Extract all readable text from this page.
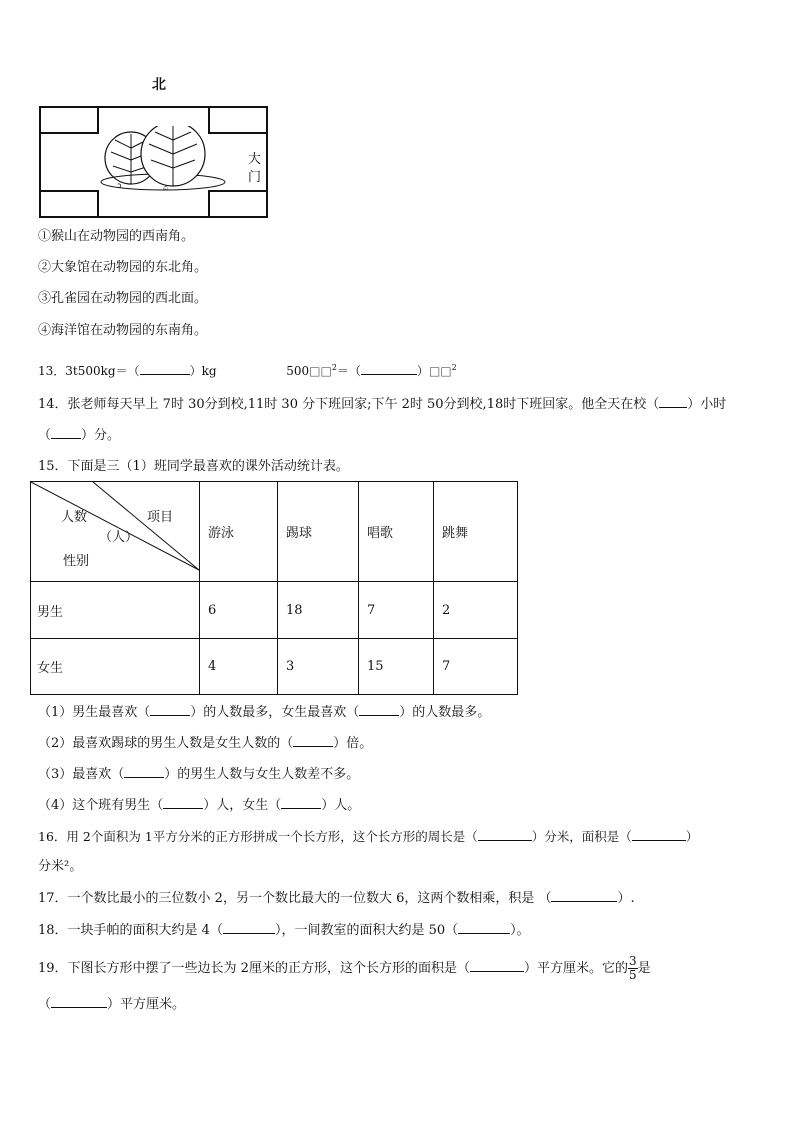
北
ɔ	ಎ
大
门
①猴山在动物园的西南角。
②大象馆在动物园的东北角。
③孔雀园在动物园的西北面。
④海洋馆在动物园的东南角。
13．3t500kg＝（	）kg	500□□$^2$＝（	）□□$^2$
14．张老师每天早上 7时 30分到校,11时 30 分下班回家;下午 2时 50分到校,18时下班回家。他全天在校（ ）小时
（ ）分。
15．下面是三（1）班同学最喜欢的课外活动统计表。
人数 项目
（人）
性别	游泳	踢球	唱歌	跳舞
男生	6	18	7	2
女生	4	3	15	7
（1）男生最喜欢（	）的人数最多，女生最喜欢（	）的人数最多。
（2）最喜欢踢球的男生人数是女生人数的（	）倍。
（3）最喜欢（	）的男生人数与女生人数差不多。
（4）这个班有男生（	）人，女生（	）人。
16．用 2个面积为 1平方分米的正方形拼成一个长方形，这个长方形的周长是（	）分米，面积是（	）
分米²。
17．一个数比最小的三位数小 2，另一个数比最大的一位数大 6，这两个数相乘，积是 （	）.
18．一块手帕的面积大约是 4（	），一间教室的面积大约是 50（	）。
19．下图长方形中摆了一些边长为 2厘米的正方形，这个长方形的面积是（	）平方厘米。它的 $\frac{3}{5}$ 是
（	）平方厘米。
